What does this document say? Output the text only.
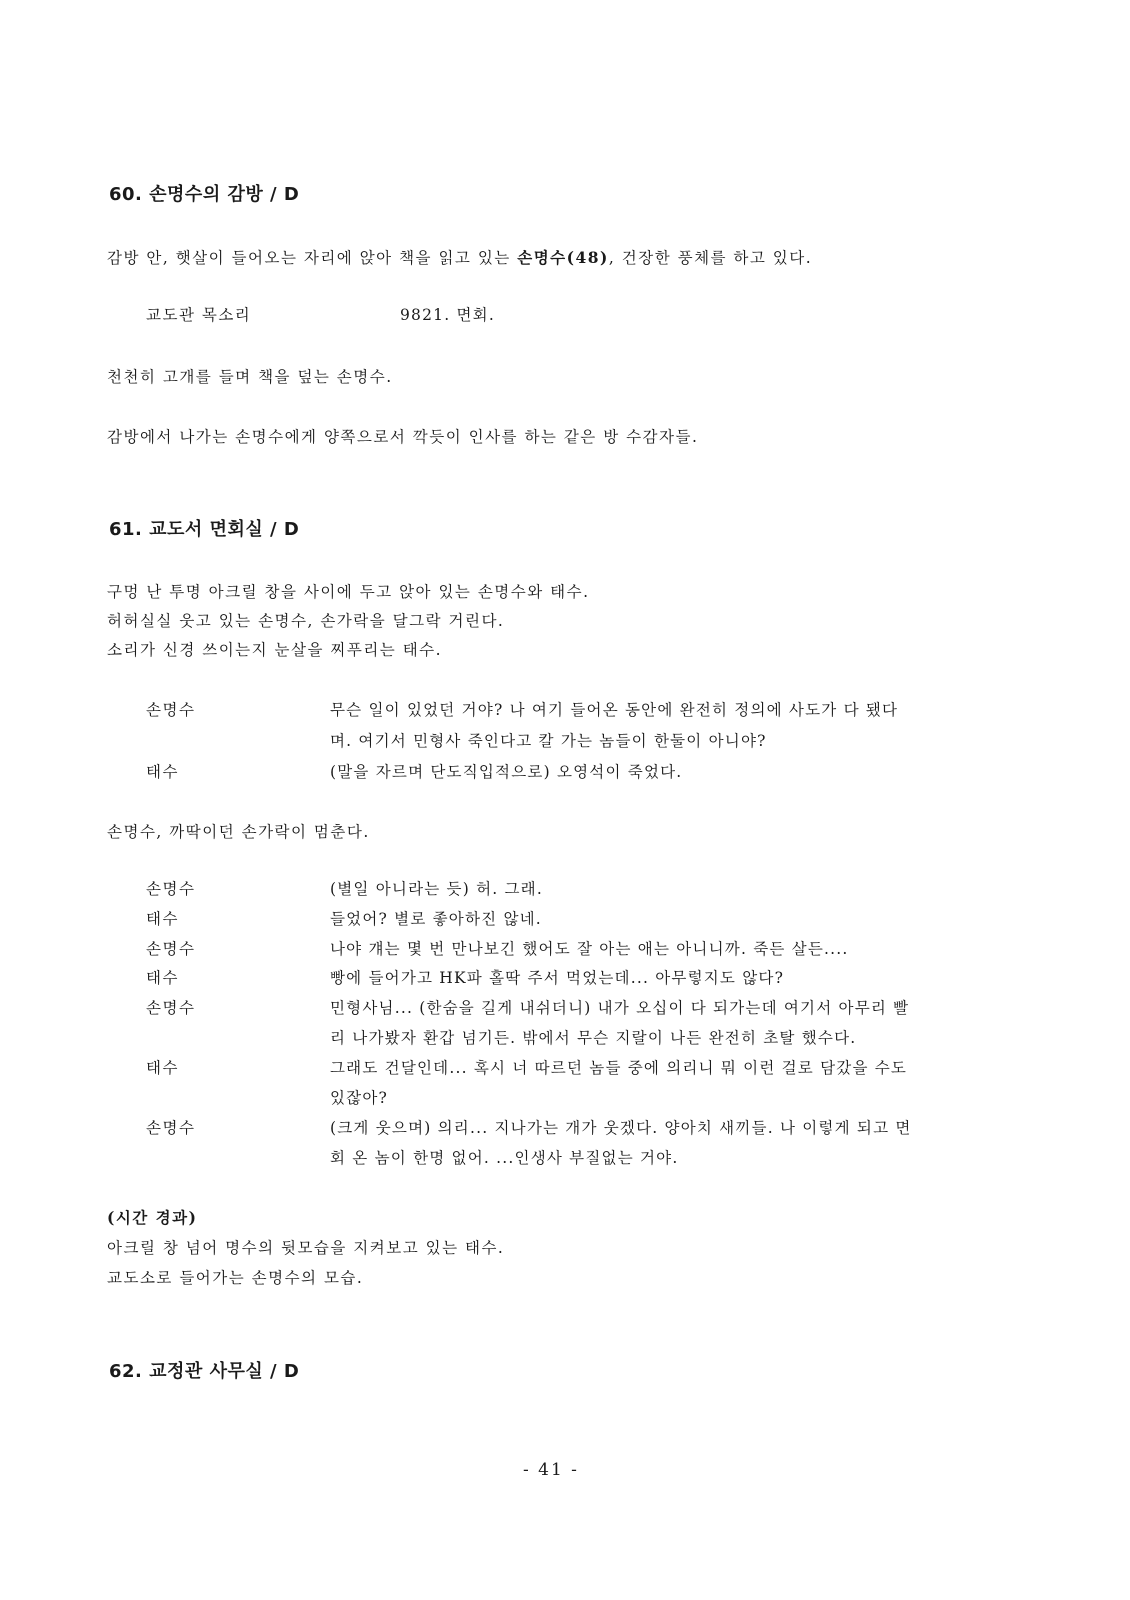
60. 손명수의 감방 / D
감방 안, 햇살이 들어오는 자리에 앉아 책을 읽고 있는 손명수(48), 건장한 풍체를 하고 있다.
교도관 목소리	9821. 면회.
천천히 고개를 들며 책을 덮는 손명수.
감방에서 나가는 손명수에게 양쪽으로서 깍듯이 인사를 하는 같은 방 수감자들.
61. 교도서 면회실 / D
구멍 난 투명 아크릴 창을 사이에 두고 앉아 있는 손명수와 태수.
허허실실 웃고 있는 손명수, 손가락을 달그락 거린다.
소리가 신경 쓰이는지 눈살을 찌푸리는 태수.
손명수	무슨 일이 있었던 거야? 나 여기 들어온 동안에 완전히 정의에 사도가 다 됐다
며. 여기서 민형사 죽인다고 칼 가는 놈들이 한둘이 아니야?
태수	(말을 자르며 단도직입적으로) 오영석이 죽었다.
손명수, 까딱이던 손가락이 멈춘다.
손명수	(별일 아니라는 듯) 허. 그래.
태수	들었어? 별로 좋아하진 않네.
손명수	나야 걔는 몇 번 만나보긴 했어도 잘 아는 애는 아니니까. 죽든 살든....
태수	빵에 들어가고 HK파 홀딱 주서 먹었는데... 아무렇지도 않다?
손명수	민형사님... (한숨을 길게 내쉬더니) 내가 오십이 다 되가는데 여기서 아무리 빨
리 나가봤자 환갑 넘기든. 밖에서 무슨 지랄이 나든 완전히 초탈 했수다.
태수	그래도 건달인데... 혹시 너 따르던 놈들 중에 의리니 뭐 이런 걸로 담갔을 수도
있잖아?
손명수	(크게 웃으며) 의리... 지나가는 개가 웃겠다. 양아치 새끼들. 나 이렇게 되고 면
회 온 놈이 한명 없어. ...인생사 부질없는 거야.
(시간 경과)
아크릴 창 넘어 명수의 뒷모습을 지켜보고 있는 태수.
교도소로 들어가는 손명수의 모습.
62. 교정관 사무실 / D
- 41 -
